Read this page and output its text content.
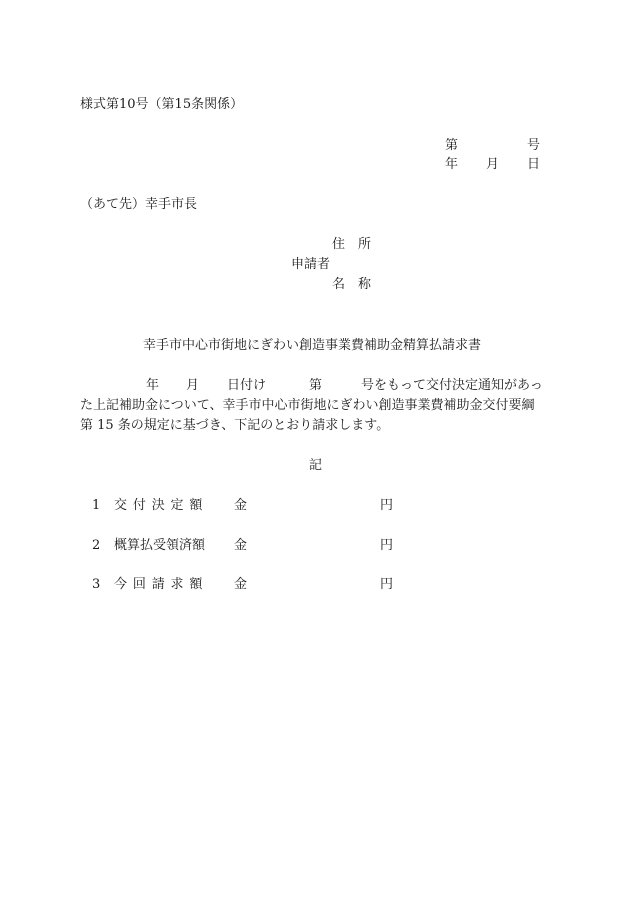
様式第10号（第15条関係）
第	号
年 月 日
（あて先）幸手市長
住　所
申請者
名　称
幸手市中心市街地にぎわい創造事業費補助金精算払請求書
年 月 日付け	第	号をもって交付決定通知があっ
た上記補助金について、幸手市中心市街地にぎわい創造事業費補助金交付要綱
第 15 条の規定に基づき、下記のとおり請求します。
記
1 交付決定額 金	円
2 概算払受領済額 金	円
3 今回請求額 金	円
